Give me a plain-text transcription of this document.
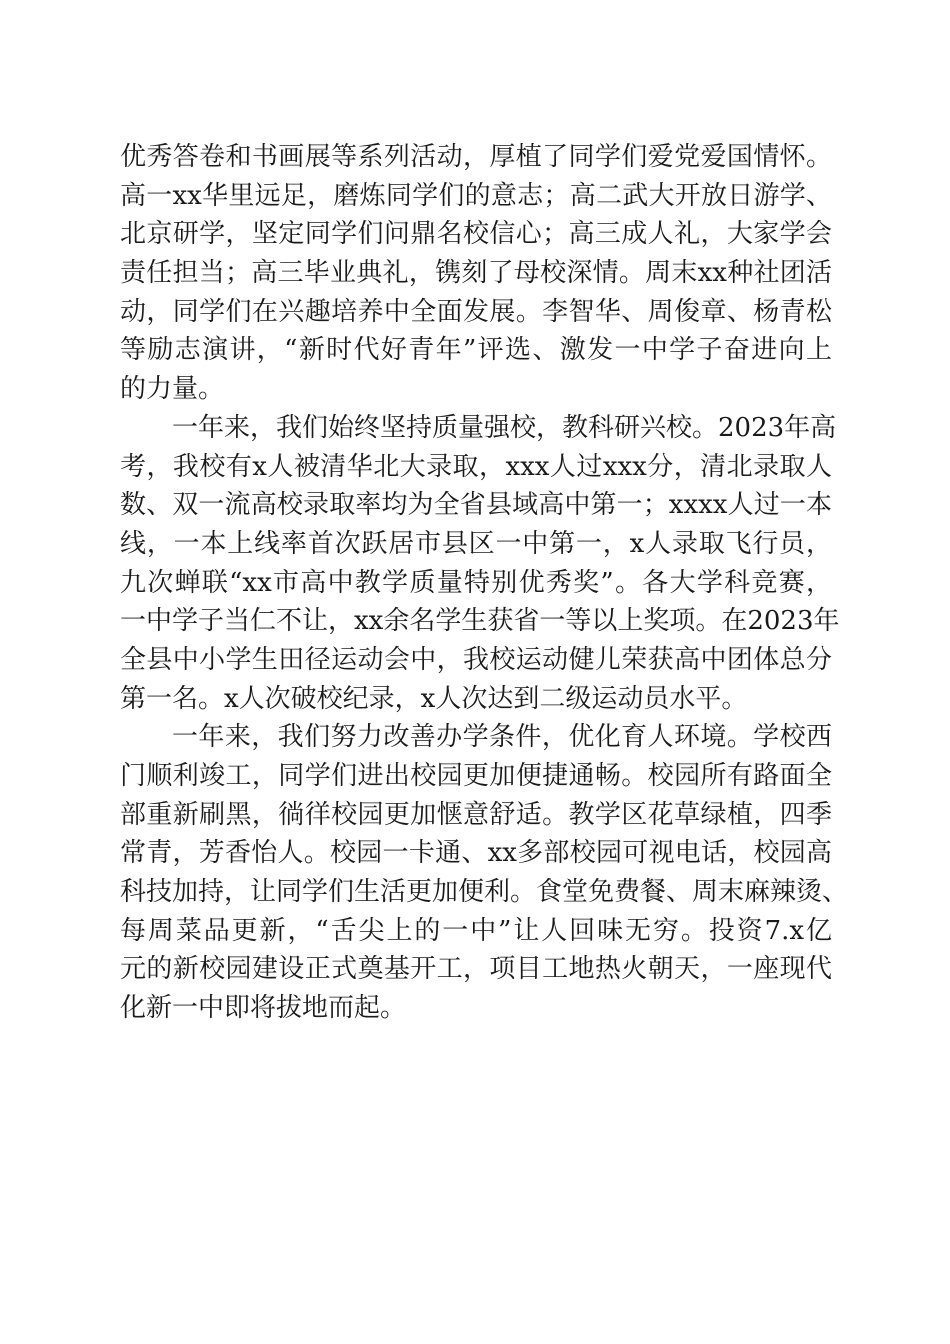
优秀答卷和书画展等系列活动，厚植了同学们爱党爱国情怀。
高一xx华里远足，磨炼同学们的意志；高二武大开放日游学、
北京研学，坚定同学们问鼎名校信心；高三成人礼，大家学会
责任担当；高三毕业典礼，镌刻了母校深情。周末xx种社团活
动，同学们在兴趣培养中全面发展。李智华、周俊章、杨青松
等励志演讲，“新时代好青年”评选、激发一中学子奋进向上
的力量。
一年来，我们始终坚持质量强校，教科研兴校。2023年高
考，我校有x人被清华北大录取，xxx人过xxx分，清北录取人
数、双一流高校录取率均为全省县域高中第一；xxxx人过一本
线，一本上线率首次跃居市县区一中第一，x人录取飞行员，
九次蝉联“xx市高中教学质量特别优秀奖”。各大学科竞赛，
一中学子当仁不让，xx余名学生获省一等以上奖项。在2023年
全县中小学生田径运动会中，我校运动健儿荣获高中团体总分
第一名。x人次破校纪录，x人次达到二级运动员水平。
一年来，我们努力改善办学条件，优化育人环境。学校西
门顺利竣工，同学们进出校园更加便捷通畅。校园所有路面全
部重新刷黑，徜徉校园更加惬意舒适。教学区花草绿植，四季
常青，芳香怡人。校园一卡通、xx多部校园可视电话，校园高
科技加持，让同学们生活更加便利。食堂免费餐、周末麻辣烫、
每周菜品更新，“舌尖上的一中”让人回味无穷。投资7.x亿
元的新校园建设正式奠基开工，项目工地热火朝天，一座现代
化新一中即将拔地而起。
